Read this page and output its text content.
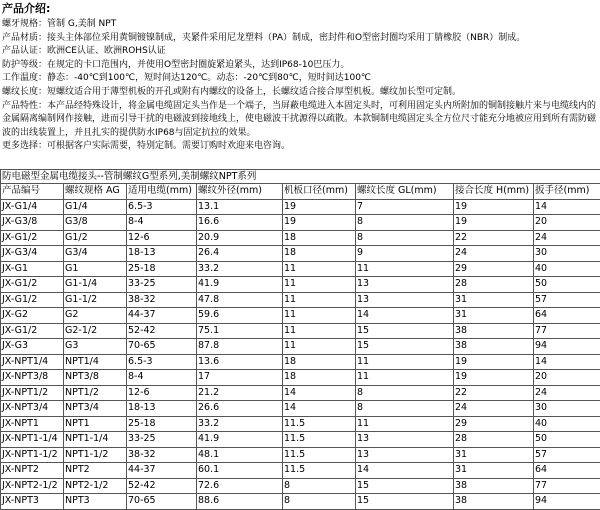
产品介绍:
螺牙规格：管制 G,美制 NPT
产品材质：接头主体部位采用黄铜镀镍制成，夹紧件采用尼龙塑料（PA）制成，密封件和O型密封圈均采用丁腈橡胶（NBR）制成。
产品认证：欧洲CE认证、欧洲ROHS认证
防护等级：在规定的卡口范围内，并使用O型密封圈旋紧迫紧头，达到IP68-10巴压力。
工作温度：静态：-40℃到100℃，短时间达120℃。动态：-20℃到80℃，短时间达100℃
螺纹长度：短螺纹适合用于薄型机板的开孔或附有内螺纹的设备上，长螺纹适合接合厚型机板。螺纹加长型可定制。
产品特性：本产品经特殊设计，将金属电缆固定头当作是一个端子，当屏蔽电缆进入本固定头时，可利用固定头内所附加的铜制接触片来与电缆线内的金属隔离编制网作接触，进而引导干扰的电磁波到接地线上，使电磁波干扰源得以疏散。本款铜制电缆固定头全方位尺寸能充分地被应用到所有需防磁波的出线装置上，并且扎实的提供防水IP68与固定抗拉的效果。
更多选择：可根据客户实际需要，特别定制。需要订购时欢迎来电咨询。
防电磁型金属电缆接头--管制螺纹G型系列,美制螺纹NPT系列							
产品编号	螺纹规格 AG	适用电缆(mm)	螺纹外径(mm)	机板口径(mm)	螺纹长度 GL(mm)	接合长度 H(mm)	扳手径(mm)
JX-G1/4	G1/4	6.5-3	13.1	19	7	19	14
JX-G3/8	G3/8	8-4	16.6	19	8	19	20
JX-G1/2	G1/2	12-6	20.9	18	8	22	24
JX-G3/4	G3/4	18-13	26.4	18	9	24	30
JX-G1	G1	25-18	33.2	11	11	29	40
JX-G1/2	G1-1/4	33-25	41.9	11	13	28	50
JX-G1/2	G1-1/2	38-32	47.8	11	13	31	57
JX-G2	G2	44-37	59.6	11	14	31	64
JX-G1/2	G2-1/2	52-42	75.1	11	15	38	77
JX-G3	G3	70-65	87.8	11	15	38	94
JX-NPT1/4	NPT1/4	6.5-3	13.6	18	11	19	14
JX-NPT3/8	NPT3/8	8-4	17	18	11	19	20
JX-NPT1/2	NPT1/2	12-6	21.2	14	8	22	24
JX-NPT3/4	NPT3/4	18-13	26.6	14	8	24	30
JX-NPT1	NPT1	25-18	33.2	11.5	11	29	40
JX-NPT1-1/4	NPT1-1/4	33-25	41.9	11.5	13	28	50
JX-NPT1-1/2	NPT1-1/2	38-32	48.1	11.5	13	31	57
JX-NPT2	NPT2	44-37	60.1	11.5	14	31	64
JX-NPT2-1/2	NPT2-1/2	52-42	72.6	8	15	38	77
JX-NPT3	NPT3	70-65	88.6	8	15	38	94
